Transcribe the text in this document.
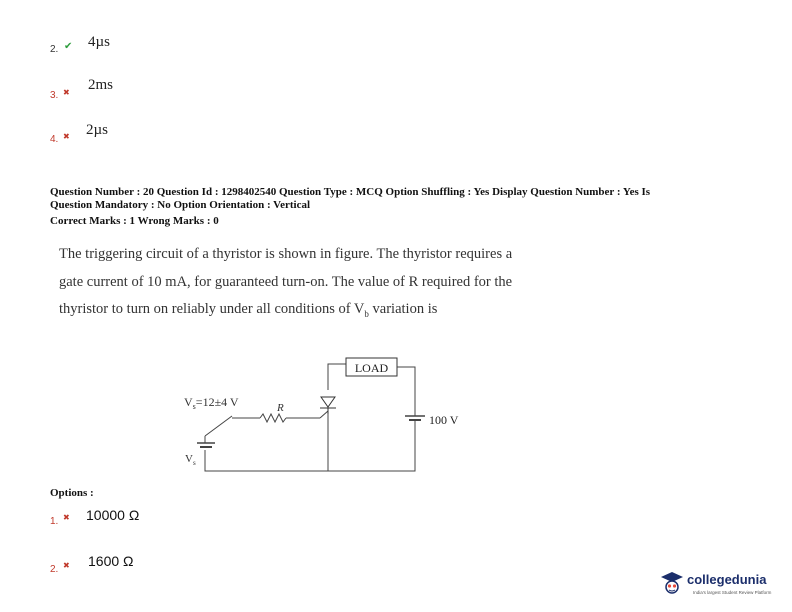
2. ✔ 4µs
3. ✖ 2ms
4. ✖ 2µs
Question Number : 20 Question Id : 1298402540 Question Type : MCQ Option Shuffling : Yes Display Question Number : Yes Is
Question Mandatory : No Option Orientation : Vertical
Correct Marks : 1 Wrong Marks : 0
The triggering circuit of a thyristor is shown in figure. The thyristor requires a
gate current of 10 mA, for guaranteed turn-on. The value of R required for the
thyristor to turn on reliably under all conditions of $V_b$ variation is
LOAD
$V_s=12\pm 4$ V	R
100 V
$V_s$
Options :
1. ✖ 10000 Ω
2. ✖ 1600 Ω
collegedunia
India's largest Student Review Platform
